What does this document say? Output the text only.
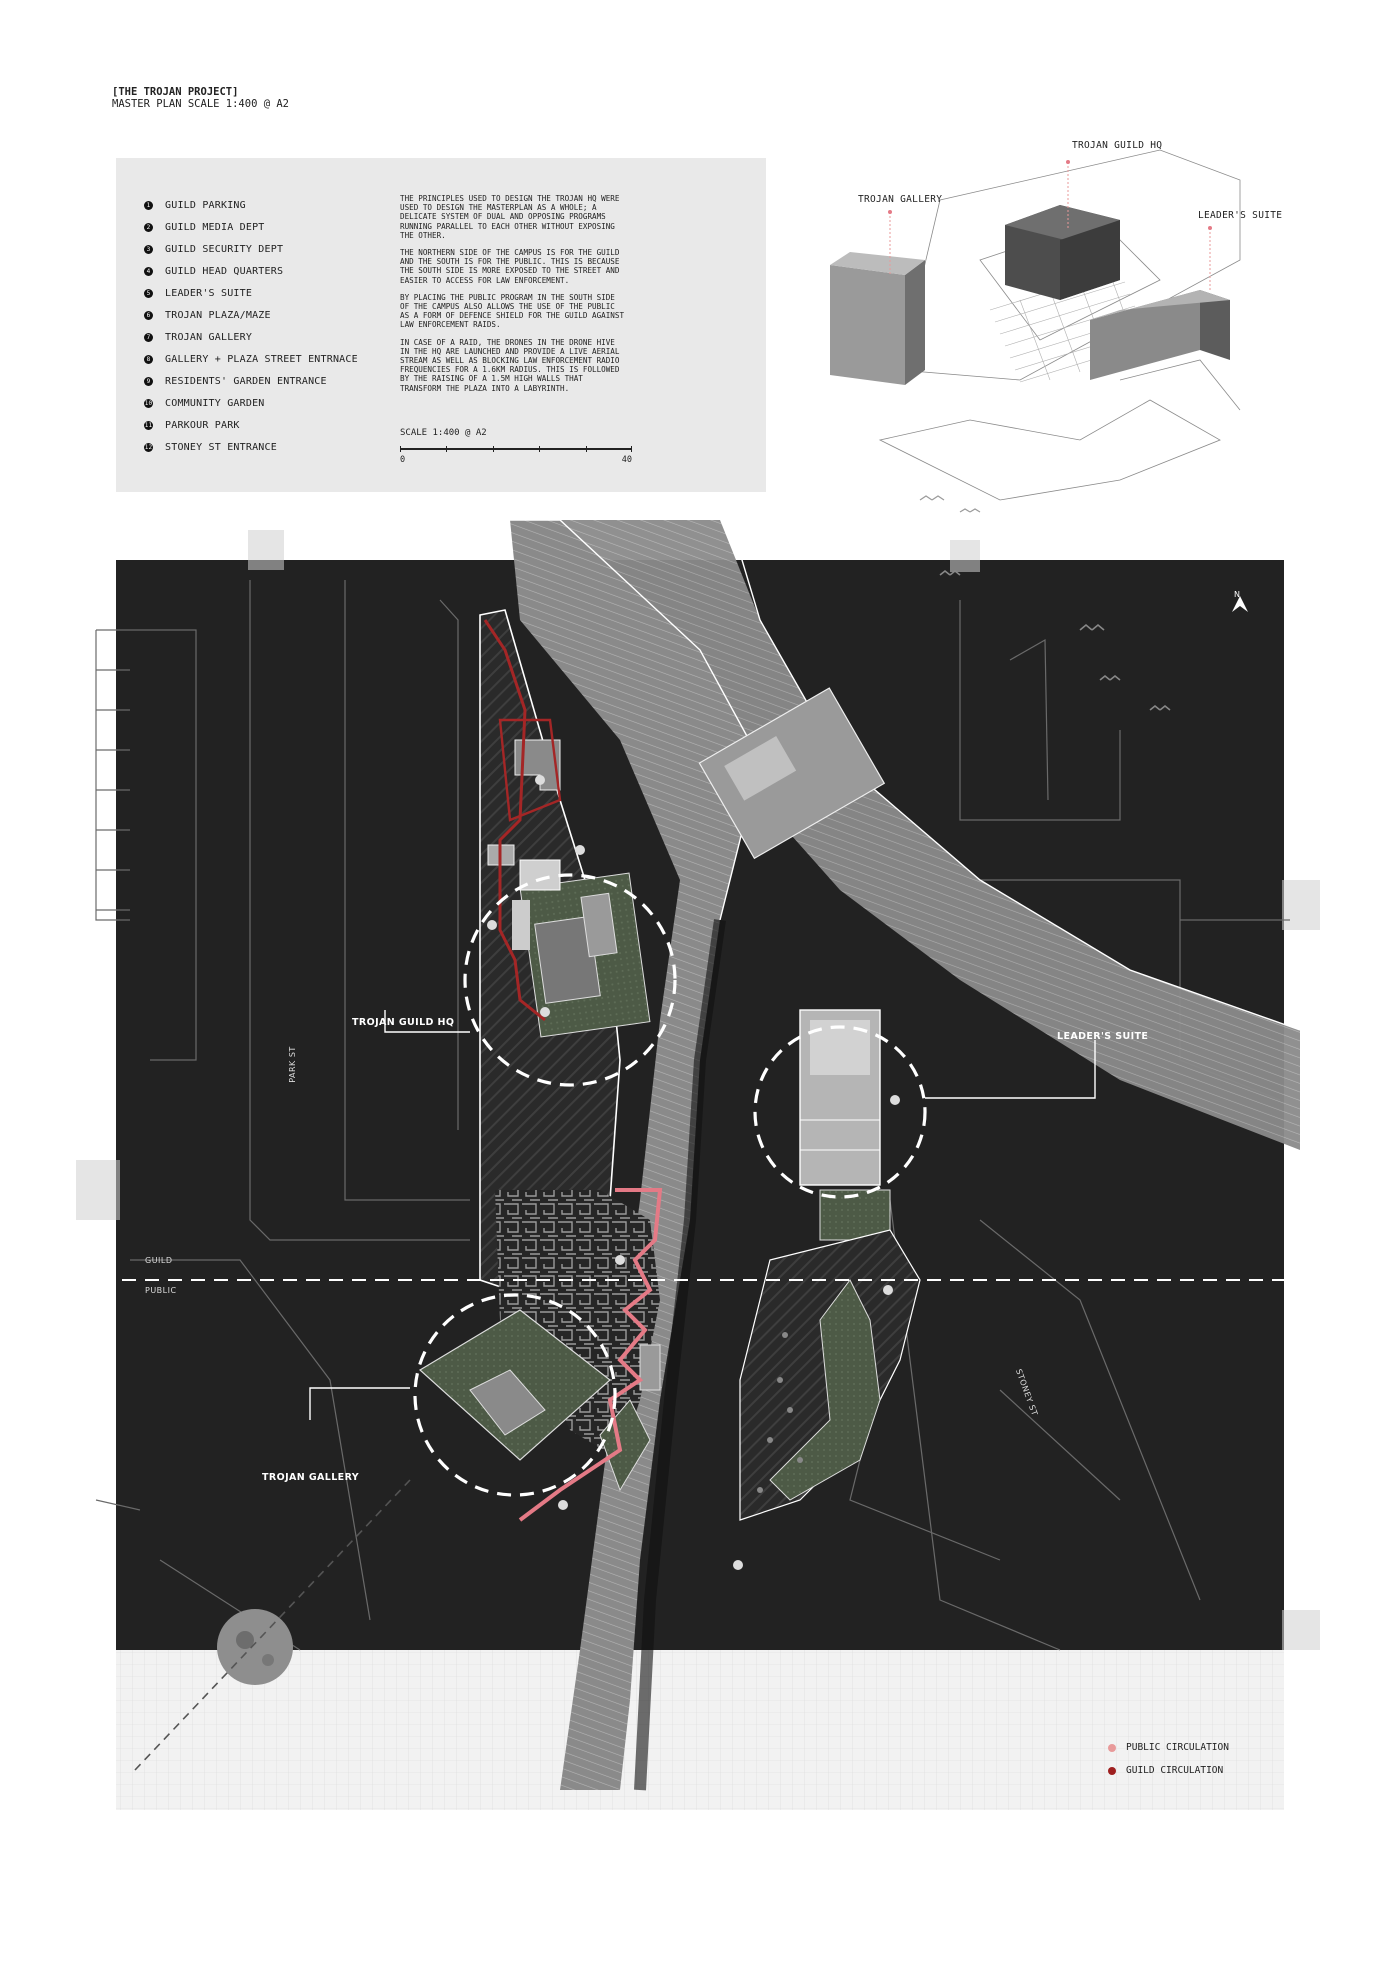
[THE TROJAN PROJECT]
MASTER PLAN SCALE 1:400 @ A2
1 GUILD PARKING
2 GUILD MEDIA DEPT
3 GUILD SECURITY DEPT
4 GUILD HEAD QUARTERS
5 LEADER'S SUITE
6 TROJAN PLAZA/MAZE
7 TROJAN GALLERY
8 GALLERY + PLAZA STREET ENTRNACE
9 RESIDENTS' GARDEN ENTRANCE
10 COMMUNITY GARDEN
11 PARKOUR PARK
12 STONEY ST ENTRANCE

THE PRINCIPLES USED TO DESIGN THE TROJAN HQ WERE USED TO DESIGN THE MASTERPLAN AS A WHOLE; A DELICATE SYSTEM OF DUAL AND OPPOSING PROGRAMS RUNNING PARALLEL TO EACH OTHER WITHOUT EXPOSING THE OTHER.

THE NORTHERN SIDE OF THE CAMPUS IS FOR THE GUILD AND THE SOUTH IS FOR THE PUBLIC. THIS IS BECAUSE THE SOUTH SIDE IS MORE EXPOSED TO THE STREET AND EASIER TO ACCESS FOR LAW ENFORCEMENT.

BY PLACING THE PUBLIC PROGRAM IN THE SOUTH SIDE OF THE CAMPUS ALSO ALLOWS THE USE OF THE PUBLIC AS A FORM OF DEFENCE SHIELD FOR THE GUILD AGAINST LAW ENFORCEMENT RAIDS.

IN CASE OF A RAID, THE DRONES IN THE DRONE HIVE IN THE HQ ARE LAUNCHED AND PROVIDE A LIVE AERIAL STREAM AS WELL AS BLOCKING LAW ENFORCEMENT RADIO FREQUENCIES FOR A 1.6KM RADIUS. THIS IS FOLLOWED BY THE RAISING OF A 1.5M HIGH WALLS THAT TRANSFORM THE PLAZA INTO A LABYRINTH.

SCALE 1:400 @ A2
0	40
TROJAN GUILD HQ
TROJAN GALLERY
LEADER'S SUITE
TROJAN GUILD HQ
LEADER'S SUITE
TROJAN GALLERY
GUILD
PUBLIC
PARK ST
STONEY ST
N
PUBLIC CIRCULATION
GUILD CIRCULATION
